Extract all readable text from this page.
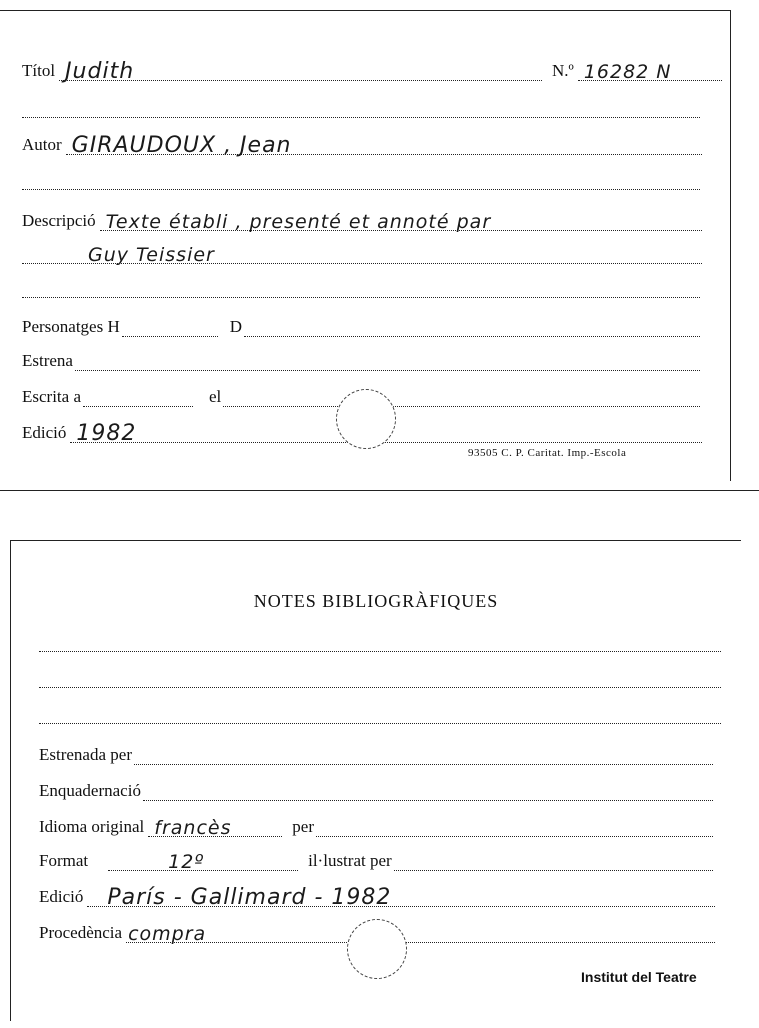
Títol Judith	N.º 16282 N
Autor GIRAUDOUX , Jean
Descripció Texte établi , presenté et annoté par
Guy Teissier
Personatges H	D
Estrena
Escrita a	el
Edició 1982
93505 C. P. Caritat. Imp.-Escola
NOTES BIBLIOGRÀFIQUES
Estrenada per
Enquadernació
Idioma original francès	per
Format	12º	il·lustrat per
Edició París - Gallimard - 1982
Procedència compra
Institut del Teatre
